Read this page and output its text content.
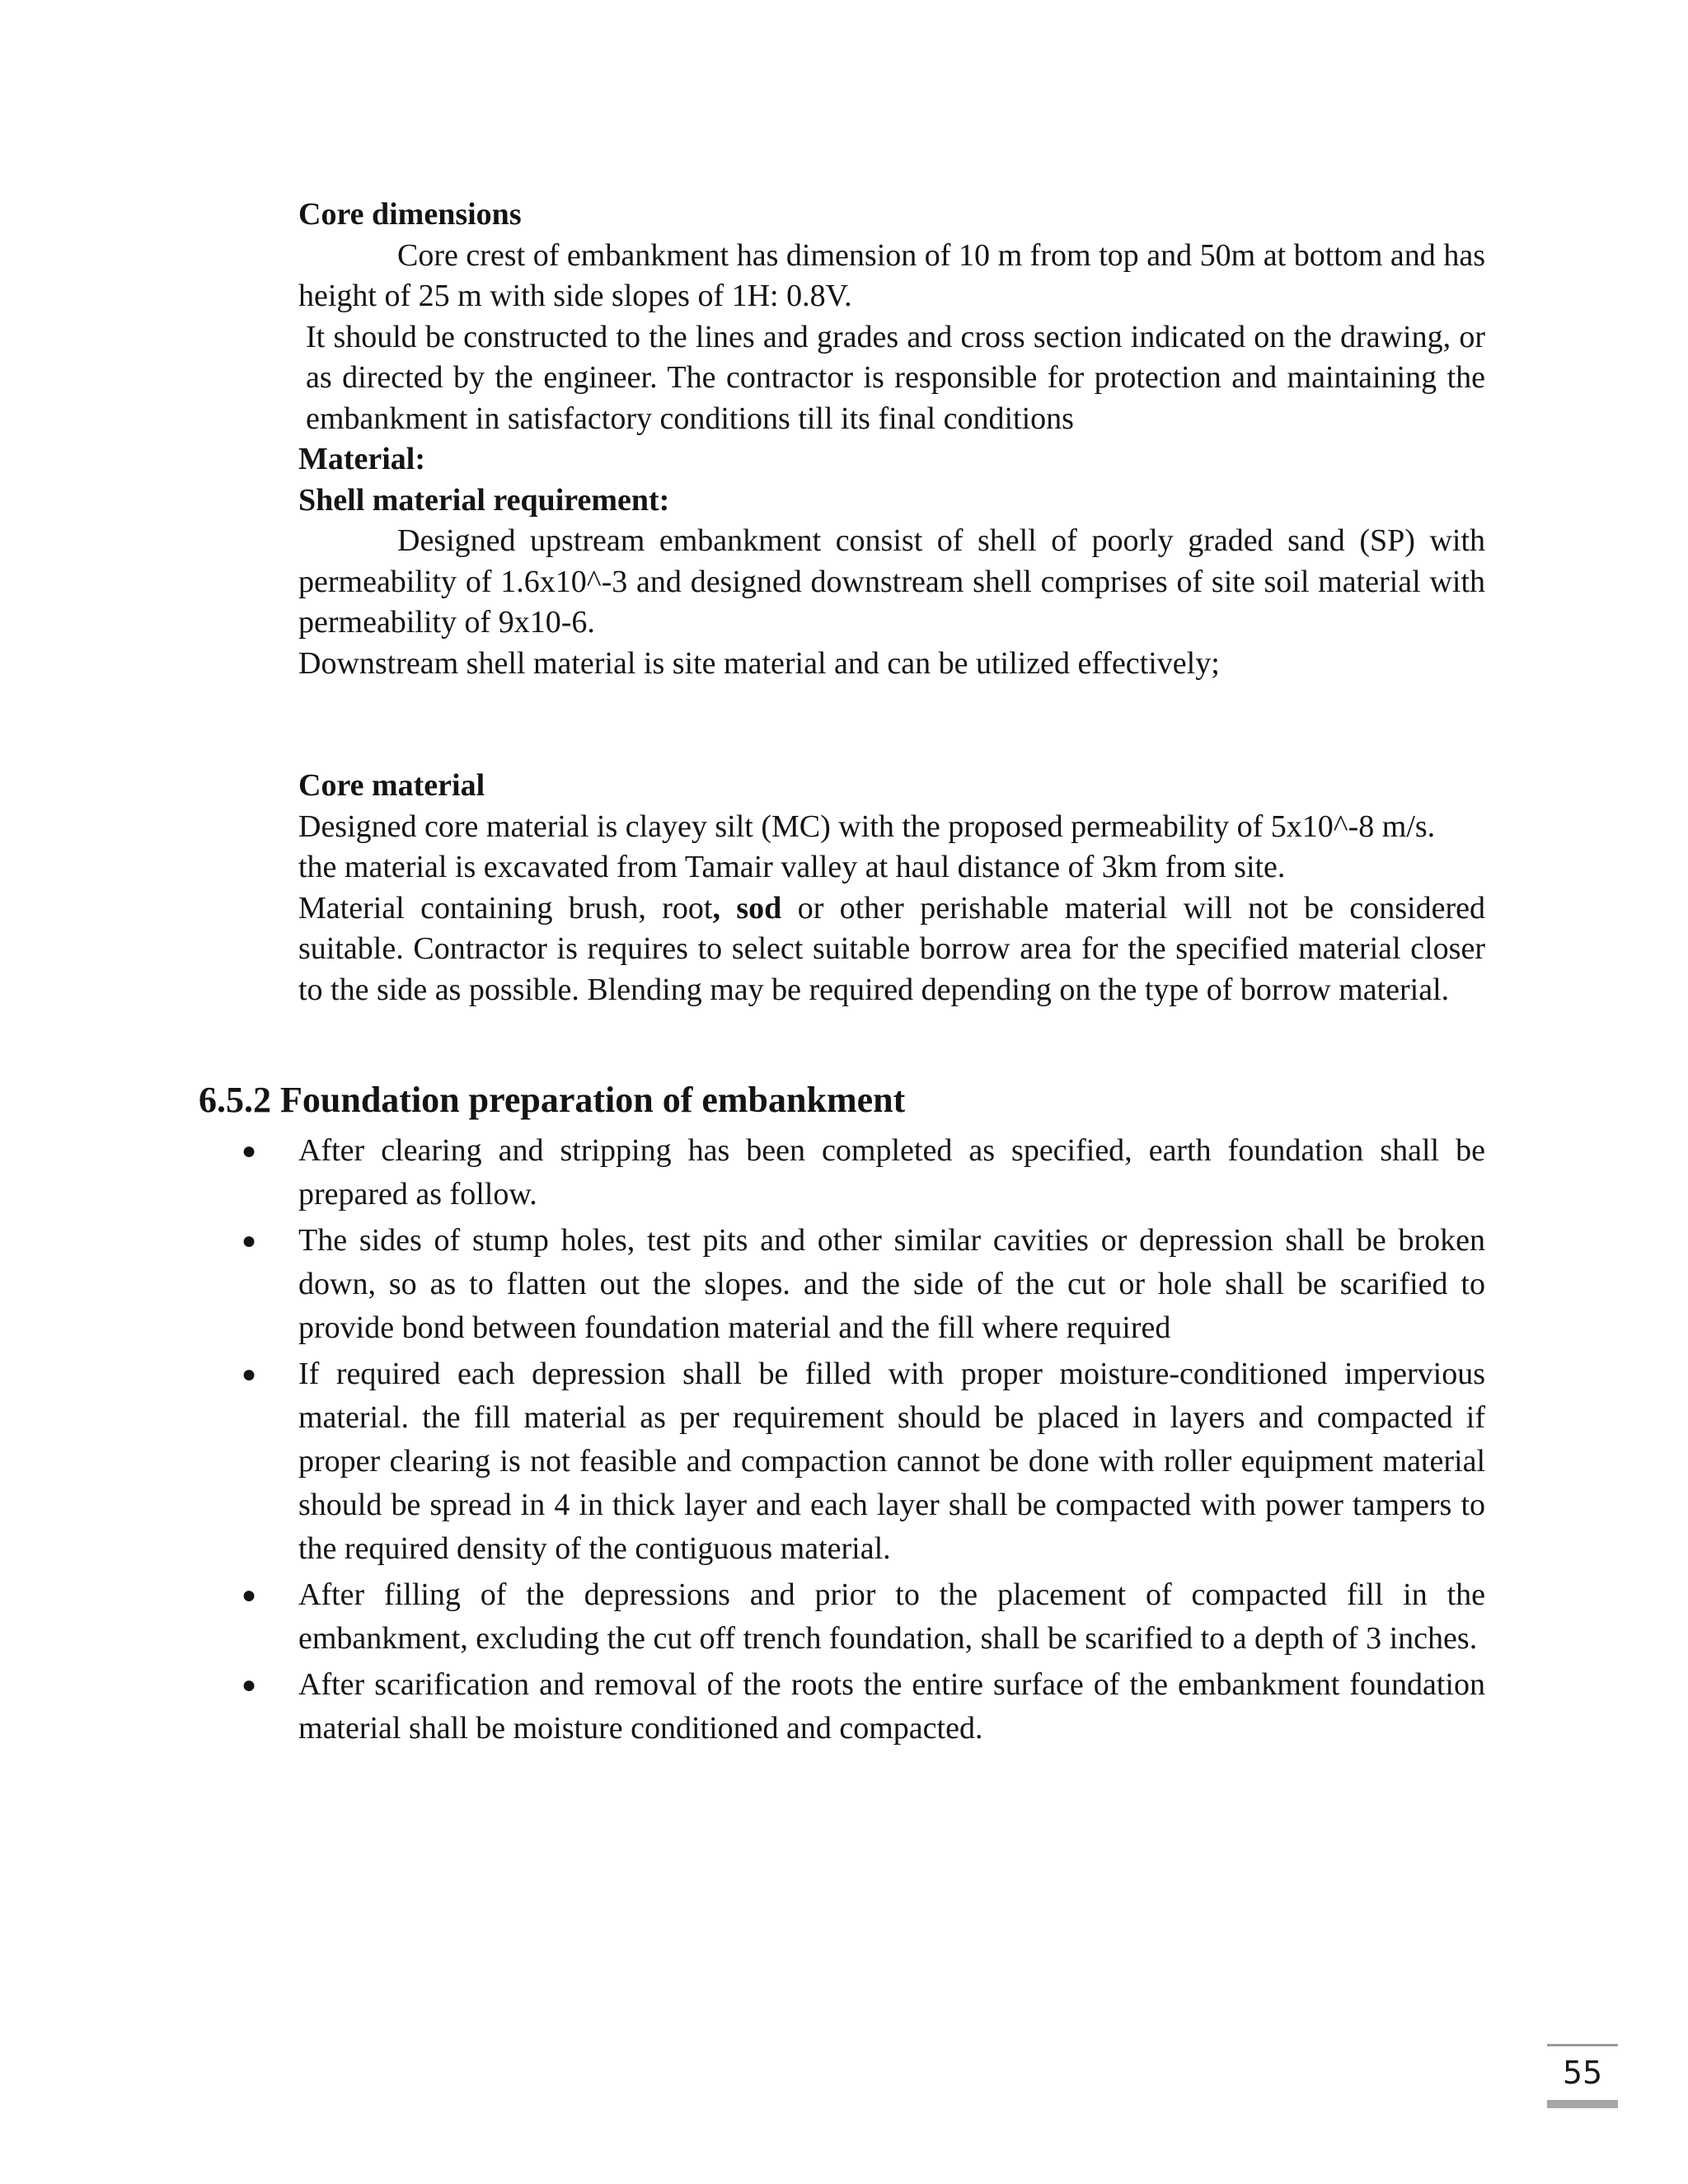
Core dimensions

Core crest of embankment has dimension of 10 m from top and 50m at bottom and has height of 25 m with side slopes of 1H: 0.8V.

It should be constructed to the lines and grades and cross section indicated on the drawing, or as directed by the engineer. The contractor is responsible for protection and maintaining the embankment in satisfactory conditions till its final conditions

Material:

Shell material requirement:

Designed upstream embankment consist of shell of poorly graded sand (SP) with permeability of 1.6x10^-3 and designed downstream shell comprises of site soil material with permeability of 9x10-6.

Downstream shell material is site material and can be utilized effectively;

Core material

Designed core material is clayey silt (MC) with the proposed permeability of 5x10^-8 m/s.

the material is excavated from Tamair valley at haul distance of 3km from site.

Material containing brush, root, sod or other perishable material will not be considered suitable. Contractor is requires to select suitable borrow area for the specified material closer to the side as possible. Blending may be required depending on the type of borrow material.

6.5.2 Foundation preparation of embankment
● After clearing and stripping has been completed as specified, earth foundation shall be prepared as follow.
● The sides of stump holes, test pits and other similar cavities or depression shall be broken down, so as to flatten out the slopes. and the side of the cut or hole shall be scarified to provide bond between foundation material and the fill where required
● If required each depression shall be filled with proper moisture-conditioned impervious material. the fill material as per requirement should be placed in layers and compacted if proper clearing is not feasible and compaction cannot be done with roller equipment material should be spread in 4 in thick layer and each layer shall be compacted with power tampers to the required density of the contiguous material.
● After filling of the depressions and prior to the placement of compacted fill in the embankment, excluding the cut off trench foundation, shall be scarified to a depth of 3 inches.
● After scarification and removal of the roots the entire surface of the embankment foundation material shall be moisture conditioned and compacted.
55
